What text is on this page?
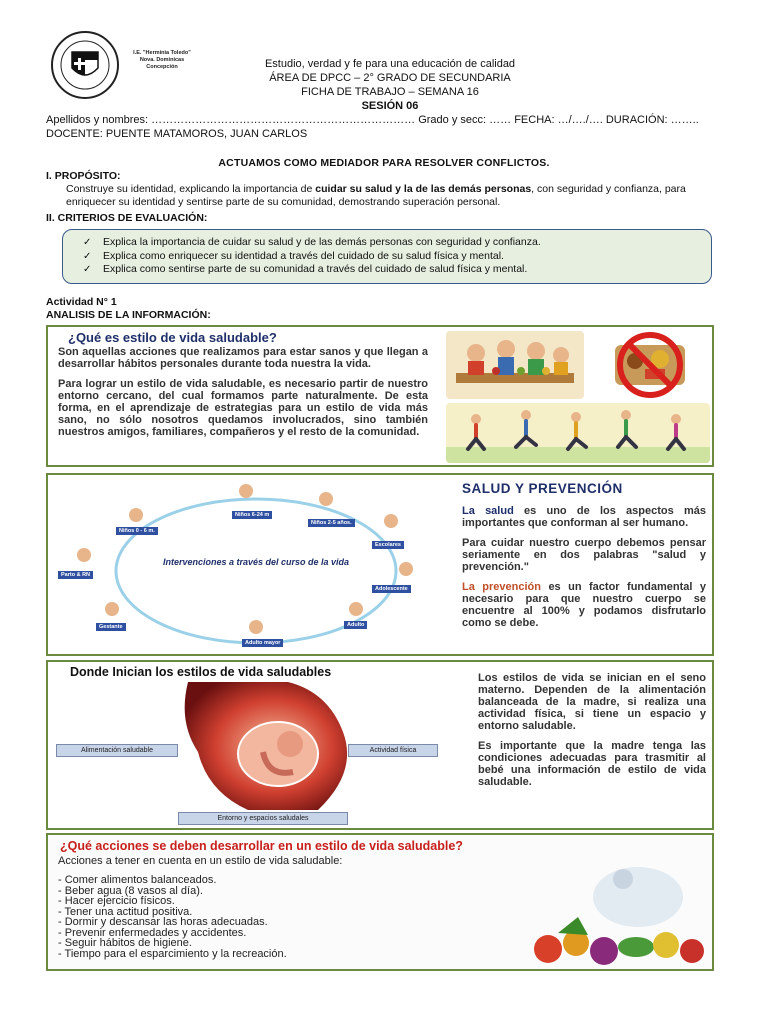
I.E. "Herminia Toledo"
Nova. Dominicas
Concepción	Estudio, verdad y fe para una educación de calidad
ÁREA DE DPCC – 2° GRADO DE SECUNDARIA
FICHA DE TRABAJO – SEMANA 16
SESIÓN 06
Apellidos y nombres: ……………………………………………………………… Grado y secc: …… FECHA: …/…./…. DURACIÓN: ……..
DOCENTE: PUENTE MATAMOROS, JUAN CARLOS
ACTUAMOS COMO MEDIADOR PARA RESOLVER CONFLICTOS.
I. PROPÓSITO:
Construye su identidad, explicando la importancia de cuidar su salud y la de las demás personas, con seguridad y confianza, para enriquecer su identidad y sentirse parte de su comunidad, demostrando superación personal.
II. CRITERIOS DE EVALUACIÓN:
✓ Explica la importancia de cuidar su salud y de las demás personas con seguridad y confianza.
✓ Explica como enriquecer su identidad a través del cuidado de su salud física y mental.
✓ Explica como sentirse parte de su comunidad a través del cuidado de salud física y mental.
Actividad N° 1
ANALISIS DE LA INFORMACIÓN:
¿Qué es estilo de vida saludable?

Son aquellas acciones que realizamos para estar sanos y que llegan a desarrollar hábitos personales durante toda nuestra la vida.

Para lograr un estilo de vida saludable, es necesario partir de nuestro entorno cercano, del cual formamos parte naturalmente. De esta forma, en el aprendizaje de estrategias para un estilo de vida más sano, no sólo nosotros quedamos involucrados, sino también nuestros amigos, familiares, compañeros y el resto de la comunidad.

Intervenciones a través del curso de la vida
Niños 6-24 m
Niños 2-5 años.
Escolares
Adolescente
Adulto
Adulto mayor
Gestante
Parto & RN
Niños 0 - 6 m.
SALUD Y PREVENCIÓN

La salud es uno de los aspectos más importantes que conforman al ser humano.

Para cuidar nuestro cuerpo debemos pensar seriamente en dos palabras "salud y prevención."

La prevención es un factor fundamental y necesario para que nuestro cuerpo se encuentre al 100% y podamos disfrutarlo como se debe.

Donde Inician los estilos de vida saludables
Alimentación saludable	Actividad física
Entorno y espacios saludales

Los estilos de vida se inician en el seno materno. Dependen de la alimentación balanceada de la madre, si realiza una actividad física, si tiene un espacio y entorno saludable.

Es importante que la madre tenga las condiciones adecuadas para trasmitir al bebé una información de estilo de vida saludable.

¿Qué acciones se deben desarrollar en un estilo de vida saludable?
Acciones a tener en cuenta en un estilo de vida saludable:
- Comer alimentos balanceados.
- Beber agua (8 vasos al día).
- Hacer ejercicio físicos.
- Tener una actitud positiva.
- Dormir y descansar las horas adecuadas.
- Prevenir enfermedades y accidentes.
- Seguir hábitos de higiene.
- Tiempo para el esparcimiento y la recreación.
